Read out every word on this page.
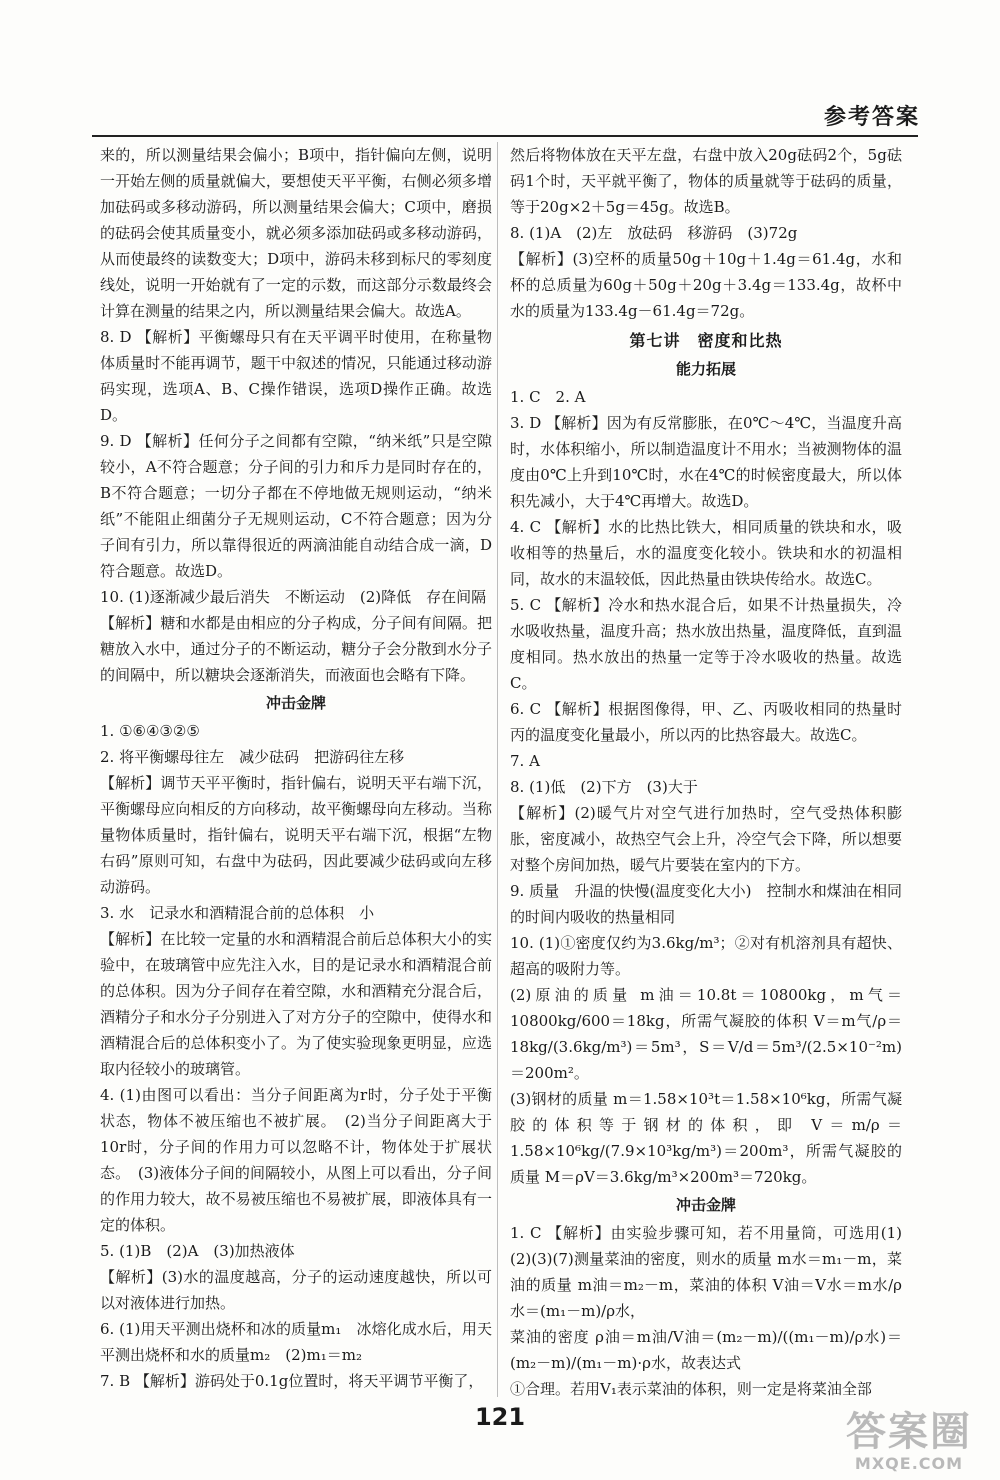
参考答案

来的，所以测量结果会偏小；B项中，指针偏向左侧，说明一开始左侧的质量就偏大，要想使天平平衡，右侧必须多增加砝码或多移动游码，所以测量结果会偏大；C项中，磨损的砝码会使其质量变小，就必须多添加砝码或多移动游码，从而使最终的读数变大；D项中，游码未移到标尺的零刻度线处，说明一开始就有了一定的示数，而这部分示数最终会计算在测量的结果之内，所以测量结果会偏大。故选A。

8. D 【解析】平衡螺母只有在天平调平时使用，在称量物体质量时不能再调节，题干中叙述的情况，只能通过移动游码实现，选项A、B、C操作错误，选项D操作正确。故选D。

9. D 【解析】任何分子之间都有空隙，“纳米纸”只是空隙较小，A不符合题意；分子间的引力和斥力是同时存在的，B不符合题意；一切分子都在不停地做无规则运动，“纳米纸”不能阻止细菌分子无规则运动，C不符合题意；因为分子间有引力，所以靠得很近的两滴油能自动结合成一滴，D符合题意。故选D。

10. (1)逐渐减少最后消失　不断运动　(2)降低　存在间隔

【解析】糖和水都是由相应的分子构成，分子间有间隔。把糖放入水中，通过分子的不断运动，糖分子会分散到水分子的间隔中，所以糖块会逐渐消失，而液面也会略有下降。

冲击金牌

1. ①⑥④③②⑤

2. 将平衡螺母往左　减少砝码　把游码往左移

【解析】调节天平平衡时，指针偏右，说明天平右端下沉，平衡螺母应向相反的方向移动，故平衡螺母向左移动。当称量物体质量时，指针偏右，说明天平右端下沉，根据“左物右码”原则可知，右盘中为砝码，因此要减少砝码或向左移动游码。

3. 水　记录水和酒精混合前的总体积　小

【解析】在比较一定量的水和酒精混合前后总体积大小的实验中，在玻璃管中应先注入水，目的是记录水和酒精混合前的总体积。因为分子间存在着空隙，水和酒精充分混合后，酒精分子和水分子分别进入了对方分子的空隙中，使得水和酒精混合后的总体积变小了。为了使实验现象更明显，应选取内径较小的玻璃管。

4. (1)由图可以看出：当分子间距离为r时，分子处于平衡状态，物体不被压缩也不被扩展。　(2)当分子间距离大于10r时，分子间的作用力可以忽略不计，物体处于扩展状态。　(3)液体分子间的间隔较小，从图上可以看出，分子间的作用力较大，故不易被压缩也不易被扩展，即液体具有一定的体积。

5. (1)B　(2)A　(3)加热液体

【解析】(3)水的温度越高，分子的运动速度越快，所以可以对液体进行加热。

6. (1)用天平测出烧杯和冰的质量m₁　冰熔化成水后，用天平测出烧杯和水的质量m₂　(2)m₁＝m₂

7. B 【解析】游码处于0.1g位置时，将天平调节平衡了，

然后将物体放在天平左盘，右盘中放入20g砝码2个，5g砝码1个时，天平就平衡了，物体的质量就等于砝码的质量，等于20g×2＋5g＝45g。故选B。

8. (1)A　(2)左　放砝码　移游码　(3)72g

【解析】(3)空杯的质量50g＋10g＋1.4g＝61.4g，水和杯的总质量为60g＋50g＋20g＋3.4g＝133.4g，故杯中水的质量为133.4g－61.4g＝72g。

第七讲　密度和比热

能力拓展

1. C　2. A

3. D 【解析】因为有反常膨胀，在0℃～4℃，当温度升高时，水体积缩小，所以制造温度计不用水；当被测物体的温度由0℃上升到10℃时，水在4℃的时候密度最大，所以体积先减小，大于4℃再增大。故选D。

4. C 【解析】水的比热比铁大，相同质量的铁块和水，吸收相等的热量后，水的温度变化较小。铁块和水的初温相同，故水的末温较低，因此热量由铁块传给水。故选C。

5. C 【解析】冷水和热水混合后，如果不计热量损失，冷水吸收热量，温度升高；热水放出热量，温度降低，直到温度相同。热水放出的热量一定等于冷水吸收的热量。故选C。

6. C 【解析】根据图像得，甲、乙、丙吸收相同的热量时丙的温度变化量最小，所以丙的比热容最大。故选C。

7. A

8. (1)低　(2)下方　(3)大于

【解析】(2)暖气片对空气进行加热时，空气受热体积膨胀，密度减小，故热空气会上升，冷空气会下降，所以想要对整个房间加热，暖气片要装在室内的下方。

9. 质量　升温的快慢(温度变化大小)　控制水和煤油在相同的时间内吸收的热量相同

10. (1)①密度仅约为3.6kg/m³；②对有机溶剂具有超快、超高的吸附力等。

(2)原油的质量 m油＝10.8t＝10800kg，m气＝10800kg/600＝18kg，所需气凝胶的体积 V＝m气/ρ＝18kg/(3.6kg/m³)＝5m³，S＝V/d＝5m³/(2.5×10⁻²m)＝200m²。

(3)钢材的质量 m＝1.58×10³t＝1.58×10⁶kg，所需气凝胶的体积等于钢材的体积，即 V＝m/ρ＝1.58×10⁶kg/(7.9×10³kg/m³)＝200m³，所需气凝胶的质量 M＝ρV＝3.6kg/m³×200m³＝720kg。

冲击金牌

1. C 【解析】由实验步骤可知，若不用量筒，可选用(1)(2)(3)(7)测量菜油的密度，则水的质量 m水＝m₁－m，菜油的质量 m油＝m₂－m，菜油的体积 V油＝V水＝m水/ρ水＝(m₁－m)/ρ水，

菜油的密度 ρ油＝m油/V油＝(m₂－m)/((m₁－m)/ρ水)＝(m₂－m)/(m₁－m)·ρ水，故表达式

①合理。若用V₁表示菜油的体积，则一定是将菜油全部

121	答案圈
MXQE.COM
